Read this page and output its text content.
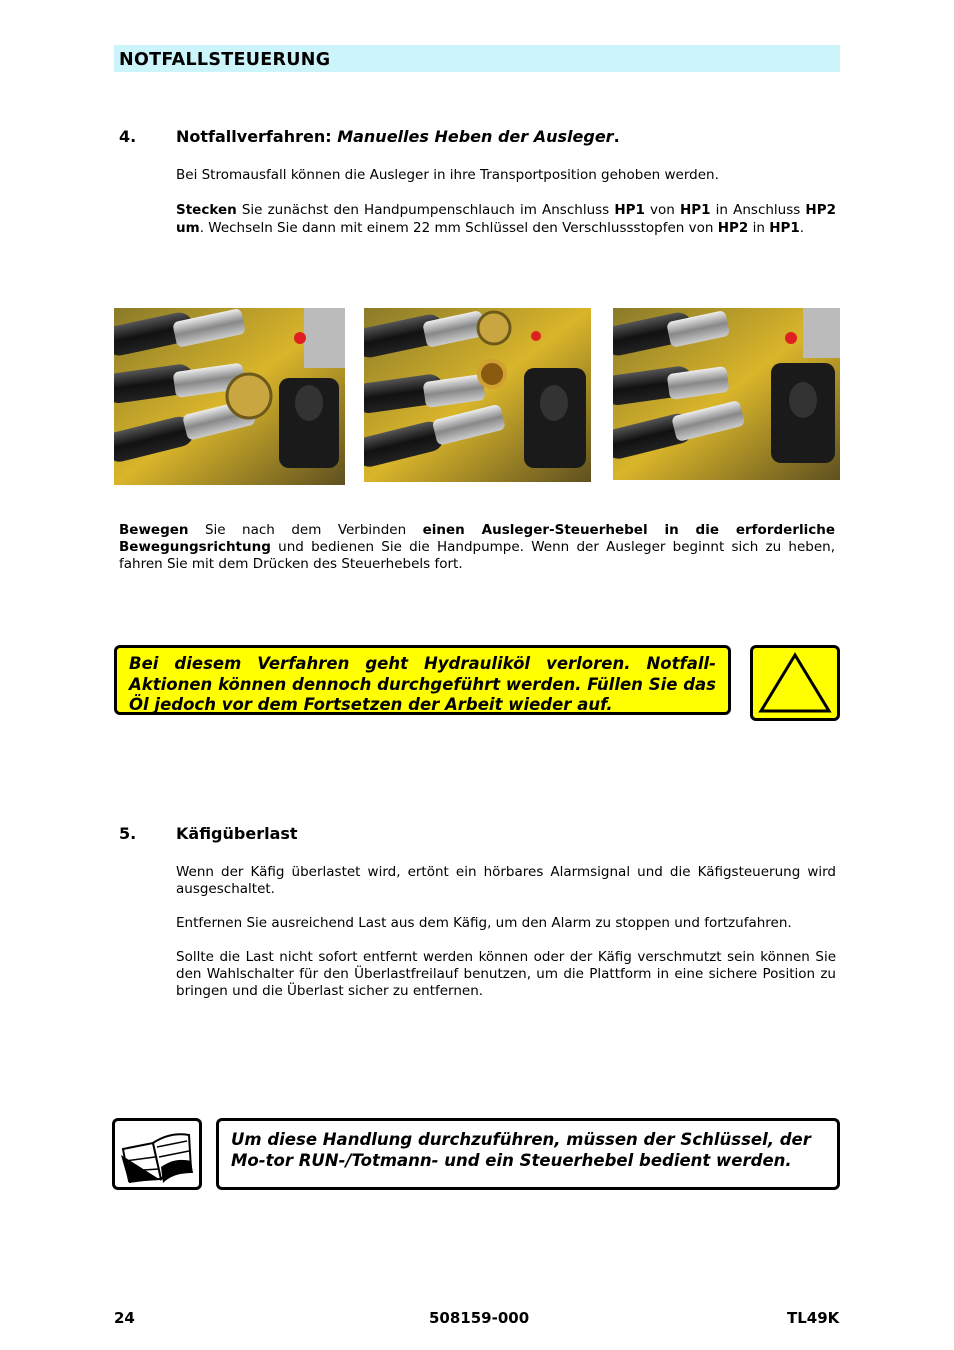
NOTFALLSTEUERUNG
4. Notfallverfahren: Manuelles Heben der Ausleger.

Bei Stromausfall können die Ausleger in ihre Transportposition gehoben werden.

Stecken Sie zunächst den Handpumpenschlauch im Anschluss HP1 von HP1 in Anschluss HP2 um. Wechseln Sie dann mit einem 22 mm Schlüssel den Verschlussstopfen von HP2 in HP1.

Bewegen Sie nach dem Verbinden einen Ausleger-Steuerhebel in die erforderliche Bewegungsrichtung und bedienen Sie die Handpumpe. Wenn der Ausleger beginnt sich zu heben, fahren Sie mit dem Drücken des Steuerhebels fort.

Bei diesem Verfahren geht Hydrauliköl verloren. Notfall-Aktionen können dennoch durchgeführt werden. Füllen Sie das Öl jedoch vor dem Fortsetzen der Arbeit wieder auf.
5. Käfigüberlast

Wenn der Käfig überlastet wird, ertönt ein hörbares Alarmsignal und die Käfigsteuerung wird ausgeschaltet.

Entfernen Sie ausreichend Last aus dem Käfig, um den Alarm zu stoppen und fortzufahren.

Sollte die Last nicht sofort entfernt werden können oder der Käfig verschmutzt sein können Sie den Wahlschalter für den Überlastfreilauf benutzen, um die Plattform in eine sichere Position zu bringen und die Überlast sicher zu entfernen.

Um diese Handlung durchzuführen, müssen der Schlüssel, der Mo-tor RUN-/Totmann- und ein Steuerhebel bedient werden.
24	508159-000	TL49K
